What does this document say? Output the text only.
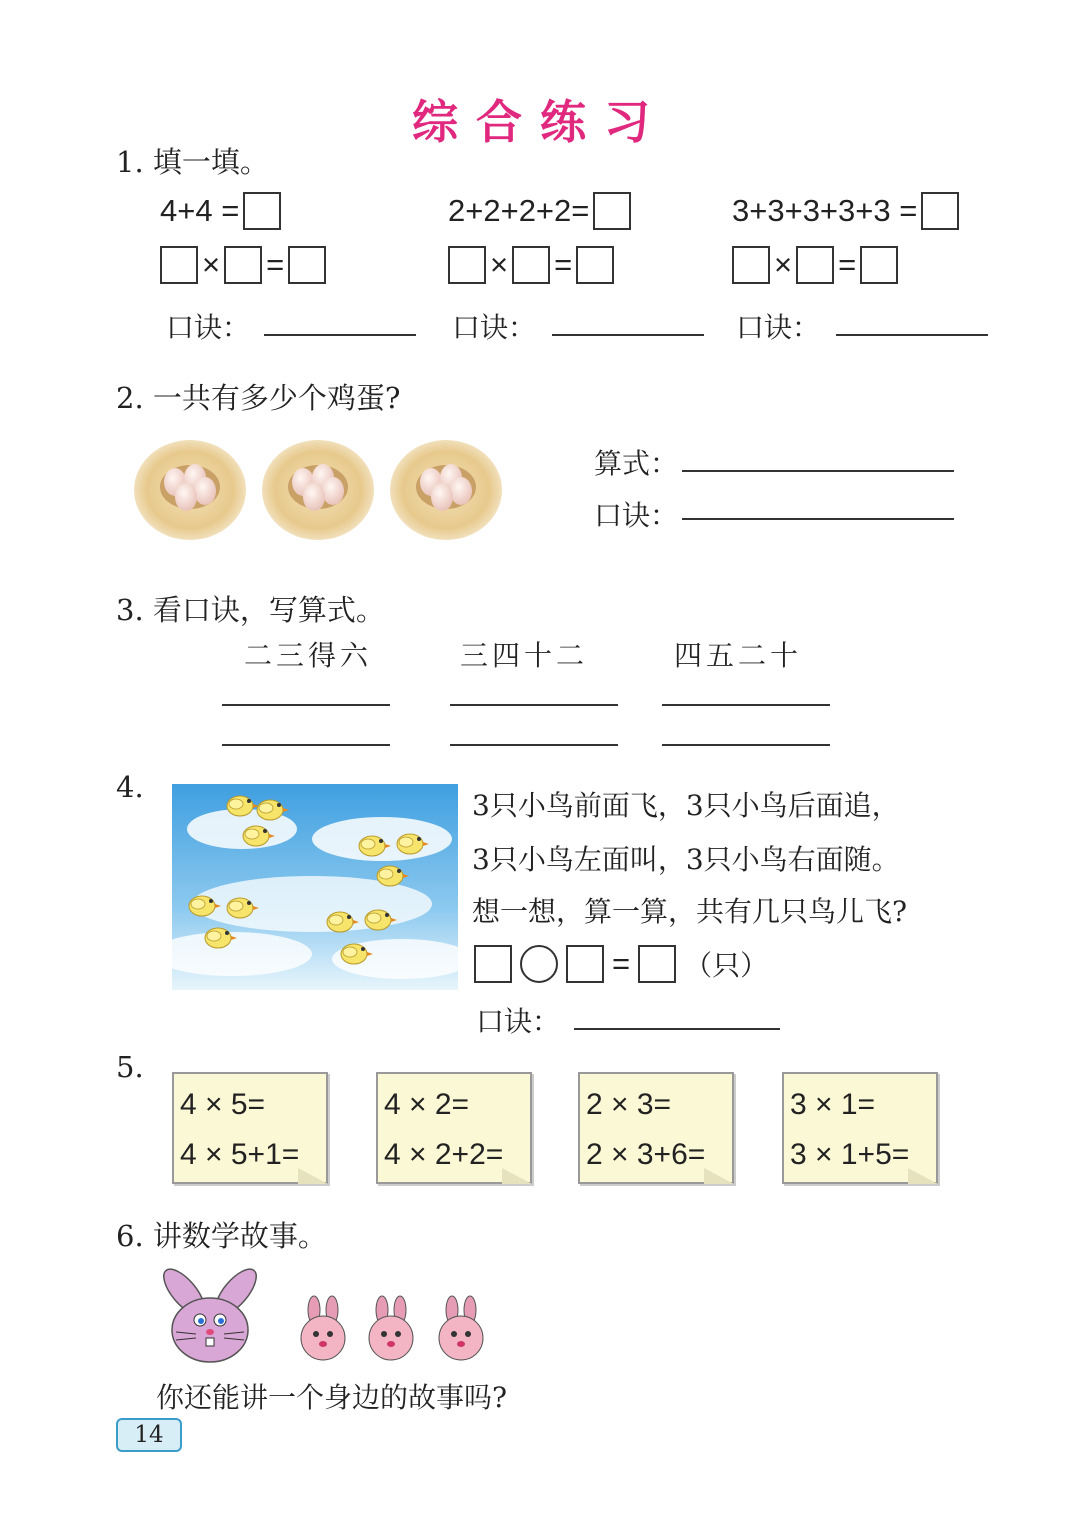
综合练习
1. 填一填。
4+4 =
× =
口诀：
2+2+2+2=
× =
口诀：
3+3+3+3+3 =
× =
口诀：
2. 一共有多少个鸡蛋?
算式：
口诀：
3. 看口诀，写算式。
二三得六	三四十二	四五二十
4.
3只小鸟前面飞，3只小鸟后面追，
3只小鸟左面叫，3只小鸟右面随。
想一想，算一算，共有几只鸟儿飞?
= （只）
口诀：
5.
4 × 5=
4 × 5+1=
4 × 2=
4 × 2+2=
2 × 3=
2 × 3+6=
3 × 1=
3 × 1+5=
6. 讲数学故事。
你还能讲一个身边的故事吗?
14
